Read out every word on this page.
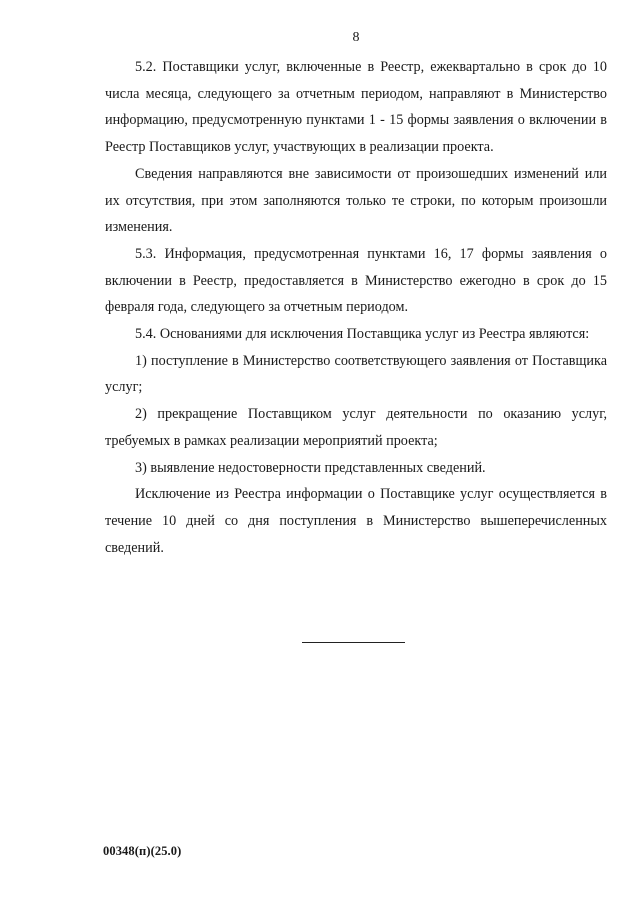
8

5.2. Поставщики услуг, включенные в Реестр, ежеквартально в срок до 10 числа месяца, следующего за отчетным периодом, направляют в Министерство информацию, предусмотренную пунктами 1 - 15 формы заявления о включении в Реестр Поставщиков услуг, участвующих в реализации проекта.

Сведения направляются вне зависимости от произошедших изменений или их отсутствия, при этом заполняются только те строки, по которым произошли изменения.

5.3. Информация, предусмотренная пунктами 16, 17 формы заявления о включении в Реестр, предоставляется в Министерство ежегодно в срок до 15 февраля года, следующего за отчетным периодом.

5.4. Основаниями для исключения Поставщика услуг из Реестра являются:

1) поступление в Министерство соответствующего заявления от Поставщика услуг;

2) прекращение Поставщиком услуг деятельности по оказанию услуг, требуемых в рамках реализации мероприятий проекта;

3) выявление недостоверности представленных сведений.

Исключение из Реестра информации о Поставщике услуг осуществляется в течение 10 дней со дня поступления в Министерство вышеперечисленных сведений.

00348(п)(25.0)
